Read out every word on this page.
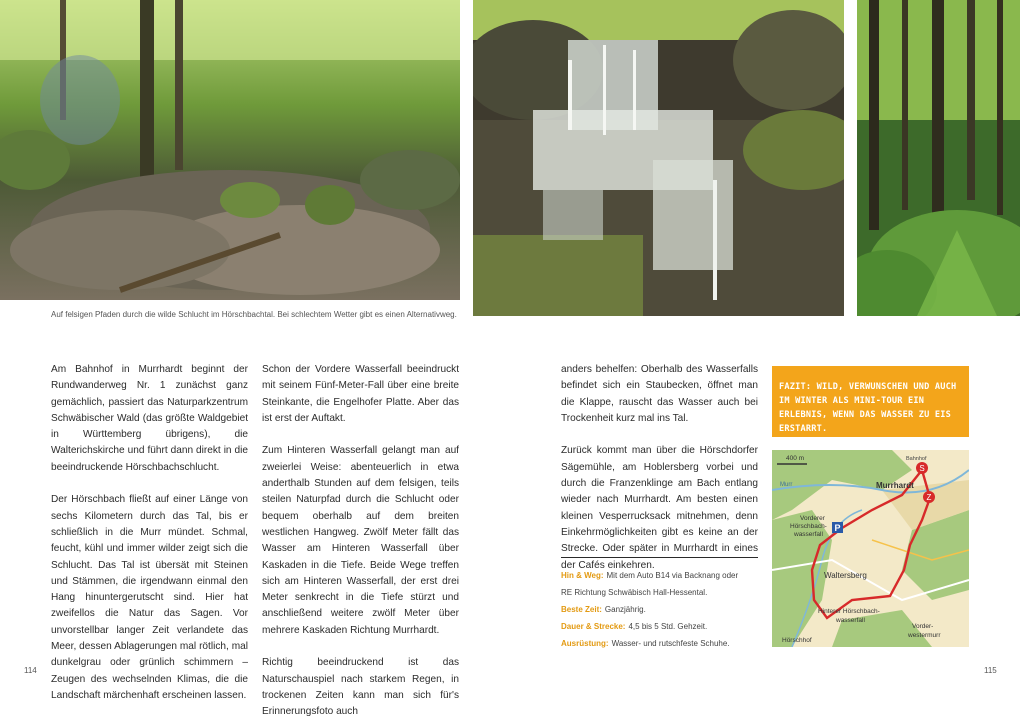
Auf felsigen Pfaden durch die wilde Schlucht im Hörschbachtal. Bei schlechtem Wetter gibt es einen Alternativweg.

Am Bahnhof in Murrhardt beginnt der Rundwanderweg Nr. 1 zunächst ganz gemächlich, passiert das Naturparkzentrum Schwäbischer Wald (das größte Waldgebiet in Württemberg übrigens), die Walterichskirche und führt dann direkt in die beeindruckende Hörschbachschlucht.

Der Hörschbach fließt auf einer Länge von sechs Kilometern durch das Tal, bis er schließlich in die Murr mündet. Schmal, feucht, kühl und immer wilder zeigt sich die Schlucht. Das Tal ist übersät mit Steinen und Stämmen, die irgendwann einmal den Hang hinuntergerutscht sind. Hier hat zweifellos die Natur das Sagen. Vor unvorstellbar langer Zeit verlandete das Meer, dessen Ablagerungen mal rötlich, mal dunkelgrau oder grünlich schimmern – Zeugen des wechselnden Klimas, die die Landschaft märchenhaft erscheinen lassen.

Schon der Vordere Wasserfall beeindruckt mit seinem Fünf-Meter-Fall über eine breite Steinkante, die Engelhofer Platte. Aber das ist erst der Auftakt.

Zum Hinteren Wasserfall gelangt man auf zweierlei Weise: abenteuerlich in etwa anderthalb Stunden auf dem felsigen, teils steilen Naturpfad durch die Schlucht oder bequem oberhalb auf dem breiten westlichen Hangweg. Zwölf Meter fällt das Wasser am Hinteren Wasserfall über Kaskaden in die Tiefe. Beide Wege treffen sich am Hinteren Wasserfall, der erst drei Meter senkrecht in die Tiefe stürzt und anschließend weitere zwölf Meter über mehrere Kaskaden Richtung Murrhardt.

Richtig beeindruckend ist das Naturschauspiel nach starkem Regen, in trockenen Zeiten kann man sich für's Erinnerungsfoto auch

anders behelfen: Oberhalb des Wasserfalls befindet sich ein Staubecken, öffnet man die Klappe, rauscht das Wasser auch bei Trockenheit kurz mal ins Tal.

Zurück kommt man über die Hörschdorfer Sägemühle, am Hoblersberg vorbei und durch die Franzenklinge am Bach entlang wieder nach Murrhardt. Am besten einen kleinen Vesperrucksack mitnehmen, denn Einkehrmöglichkeiten gibt es keine an der Strecke. Oder später in Murrhardt in eines der Cafés einkehren.

Hin & Weg: Mit dem Auto B14 via Backnang oder
RE Richtung Schwäbisch Hall-Hessental.
Beste Zeit: Ganzjährig.
Dauer & Strecke: 4,5 bis 5 Std. Gehzeit.
Ausrüstung: Wasser- und rutschfeste Schuhe.
FAZIT: WILD, VERWUNSCHEN UND AUCH IM WINTER ALS MINI-TOUR EIN ERLEBNIS, WENN DAS WASSER ZU EIS ERSTARRT.
S
Z
P
400 m
Murrhardt
Bahnhof
Murr
Waltersberg
Vorderer
Hörschbach-
wasserfall
Hinterer Hörschbach-
wasserfall
Hörschhof
Vorder-
westermurr
114	115
